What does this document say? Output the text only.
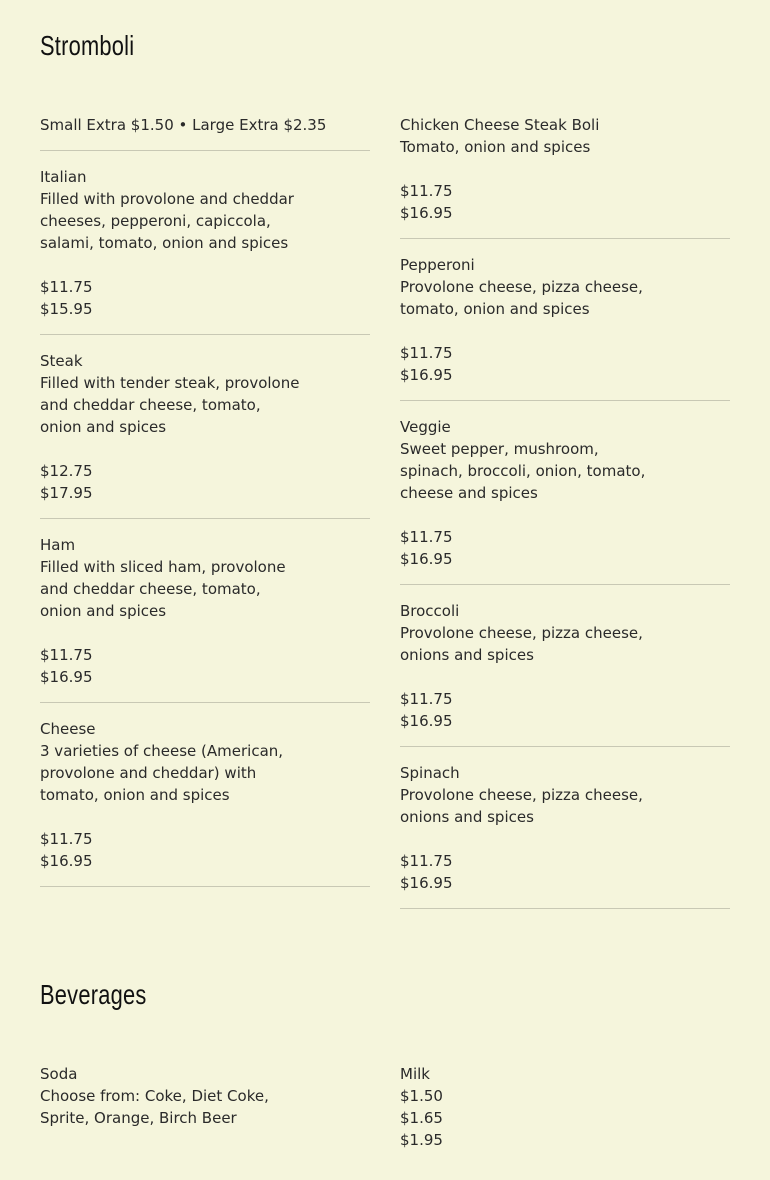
Stromboli
Small Extra $1.50 • Large Extra $2.35
Italian
Filled with provolone and cheddar cheeses, pepperoni, capiccola, salami, tomato, onion and spices
$11.75
$15.95
Steak
Filled with tender steak, provolone and cheddar cheese, tomato, onion and spices
$12.75
$17.95
Ham
Filled with sliced ham, provolone and cheddar cheese, tomato, onion and spices
$11.75
$16.95
Cheese
3 varieties of cheese (American, provolone and cheddar) with tomato, onion and spices
$11.75
$16.95
Chicken Cheese Steak Boli
Tomato, onion and spices
$11.75
$16.95
Pepperoni
Provolone cheese, pizza cheese, tomato, onion and spices
$11.75
$16.95
Veggie
Sweet pepper, mushroom, spinach, broccoli, onion, tomato, cheese and spices
$11.75
$16.95
Broccoli
Provolone cheese, pizza cheese, onions and spices
$11.75
$16.95
Spinach
Provolone cheese, pizza cheese, onions and spices
$11.75
$16.95
Beverages
Soda
Choose from: Coke, Diet Coke, Sprite, Orange, Birch Beer
Milk
$1.50
$1.65
$1.95
